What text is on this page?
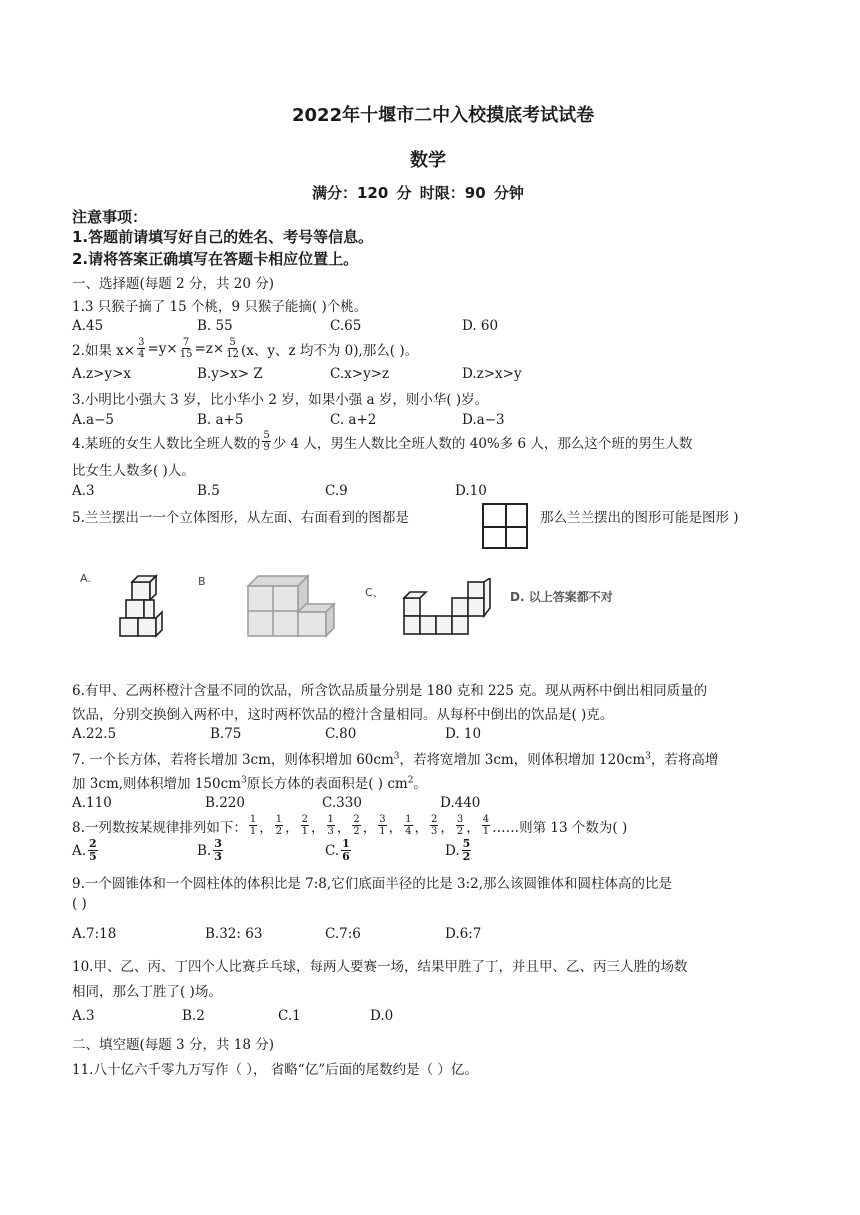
2022年十堰市二中入校摸底考试试卷
数学
满分：120 分 时限：90 分钟
注意事项：
1.答题前请填写好自己的姓名、考号等信息。
2.请将答案正确填写在答题卡相应位置上。
一、选择题(每题 2 分，共 20 分)
1.3 只猴子摘了 15 个桃，9 只猴子能摘( )个桃。
A.45	B. 55	C.65	D. 60
2.如果 $x\times \frac{3}{4} =y\times \frac{7}{15} =z\times \frac{5}{12} (x$、y、z 均不为 0),那么( )。
A.z>y>x	B.y>x> Z	C.x>y>z	D.z>x>y
3.小明比小强大 3 岁，比小华小 2 岁，如果小强 a 岁，则小华( )岁。
A.a−5	B. a+5	C. a+2	D.a−3
4.某班的女生人数比全班人数的 $\frac{5}{9}$ 少 4 人，男生人数比全班人数的 40%多 6 人，那么这个班的男生人数
比女生人数多( )人。
A.3	B.5	C.9	D.10
5.兰兰摆出一一个立体图形，从左面、右面看到的图都是	那么兰兰摆出的图形可能是图形 )
A.	B
C、	D. 以上答案都不对
6.有甲、乙两杯橙汁含量不同的饮品，所含饮品质量分别是 180 克和 225 克。现从两杯中倒出相同质量的
饮品，分别交换倒入两杯中，这时两杯饮品的橙汁含量相同。从每杯中倒出的饮品是( )克。
A.22.5	B.75	C.80	D. 10
7. 一个长方体，若将长增加 3cm，则体积增加 $60cm^3$，若将宽增加 3cm，则体积增加 $120cm^3$，若将高增
加 3cm,则体积增加 $150cm^3$原长方体的表面积是( ) $cm^2$。
A.110	B.220	C.330	D.440
8.一列数按某规律排列如下： $\frac{1}{1}$ ， $\frac{1}{2}$ ， $\frac{2}{1}$ ， $\frac{1}{3}$ ， $\frac{2}{2}$ ， $\frac{3}{1}$ ， $\frac{1}{4}$ ， $\frac{2}{3}$ ， $\frac{3}{2}$ ， $\frac{4}{1}$ ……则第 13 个数为( )
A. $\frac{2}{5}$	B. $\frac{3}{3}$	C. $\frac{1}{6}$	D. $\frac{5}{2}$
9.一个圆锥体和一个圆柱体的体积比是 7:8,它们底面半径的比是 3:2,那么该圆锥体和圆柱体高的比是
( )
A.7:18	B.32: 63	C.7:6	D.6:7
10.甲、乙、丙、丁四个人比赛乒乓球，每两人要赛一场，结果甲胜了丁，并且甲、乙、丙三人胜的场数
相同，那么丁胜了( )场。
A.3	B.2	C.1	D.0
二、填空题(每题 3 分，共 18 分)
11.八十亿六千零九万写作（ ）， 省略“亿”后面的尾数约是（ ）亿。
